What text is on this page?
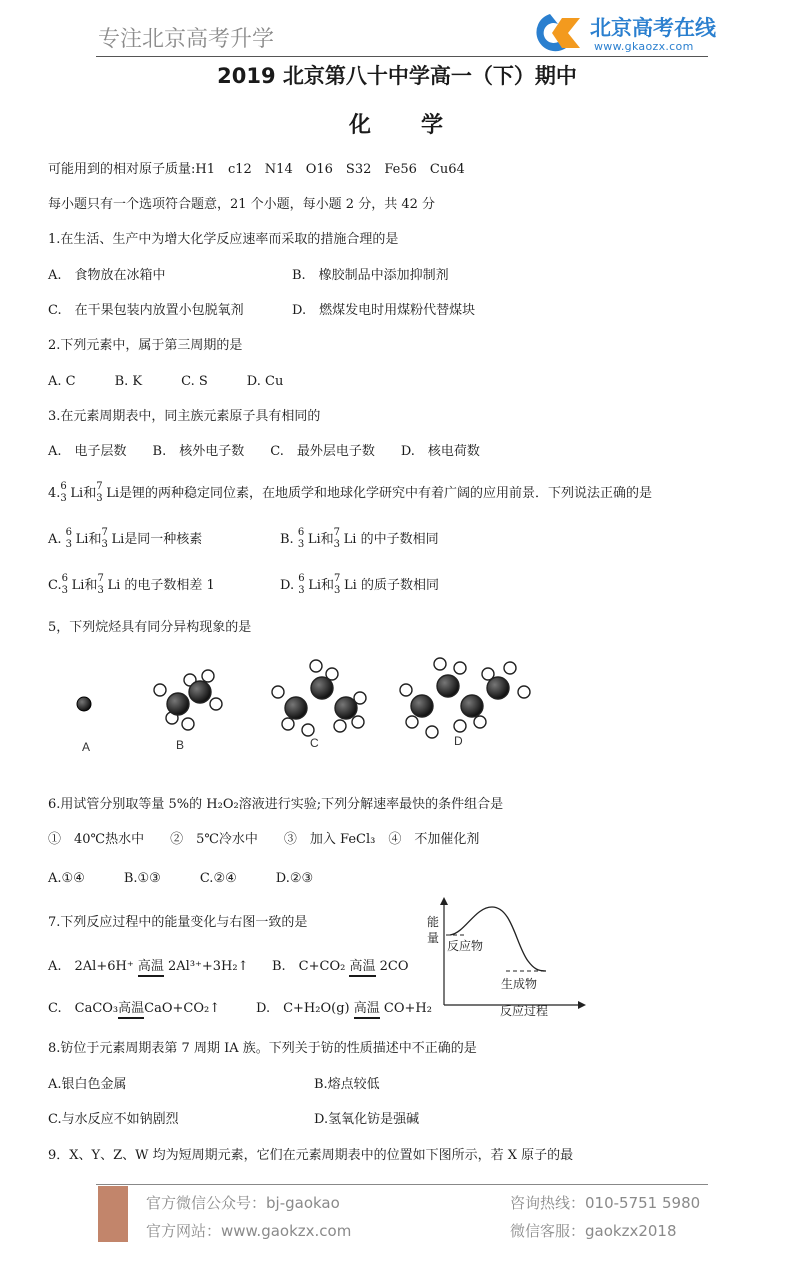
专注北京高考升学	北京高考在线
www.gkaozx.com
2019 北京第八十中学高一（下）期中
化　　学
可能用到的相对原子质量:H1　c12　N14　O16　S32　Fe56　Cu64
每小题只有一个选项符合题意，21 个小题，每小题 2 分，共 42 分
1.在生活、生产中为增大化学反应速率而采取的措施合理的是
A.　食物放在冰箱中	B.　橡胶制品中添加抑制剂
C.　在干果包装内放置小包脱氧剂	D.　燃煤发电时用煤粉代替煤块
2.下列元素中，属于第三周期的是
A. C　　　B. K　　　C. S　　　D. Cu
3.在元素周期表中，同主族元素原子具有相同的
A.　电子层数　　B.　核外电子数　　C.　最外层电子数　　D.　核电荷数
4. 6
3 Li和 7
3 Li是锂的两种稳定同位素，在地质学和地球化学研究中有着广阔的应用前景．下列说法正确的是
A. 6
3 Li和 7
3 Li是同一种核素	B. 6
3 Li和 7
3 Li 的中子数相同
C. 6
3 Li和 7
3 Li 的电子数相差 1	D. 6
3 Li和 7
3 Li 的质子数相同
5，下列烷烃具有同分异构现象的是
A	B	C	D
6.用试管分别取等量 5%的 H₂O₂溶液进行实验;下列分解速率最快的条件组合是
①　40℃热水中　　②　5℃冷水中　　③　加入 FeCl₃　④　不加催化剂
A.①④　　　B.①③　　　C.②④　　　D.②③
7.下列反应过程中的能量变化与右图一致的是
A.　2Al+6H⁺ 高温 2Al³⁺+3H₂↑ B.　C+CO₂ 高温 2CO
C.　CaCO₃高温CaO+CO₂↑	D.　C+H₂O(g) 高温 CO+H₂
能
量
反应物
生成物
反应过程
8.钫位于元素周期表第 7 周期 IA 族。下列关于钫的性质描述中不正确的是
A.银白色金属	B.熔点较低
C.与水反应不如钠剧烈	D.氢氧化钫是强碱
9．X、Y、Z、W 均为短周期元素，它们在元素周期表中的位置如下图所示，若 X 原子的最
官方微信公众号：bj-gaokao
官方网站：www.gaokzx.com
咨询热线：010-5751 5980
微信客服：gaokzx2018
